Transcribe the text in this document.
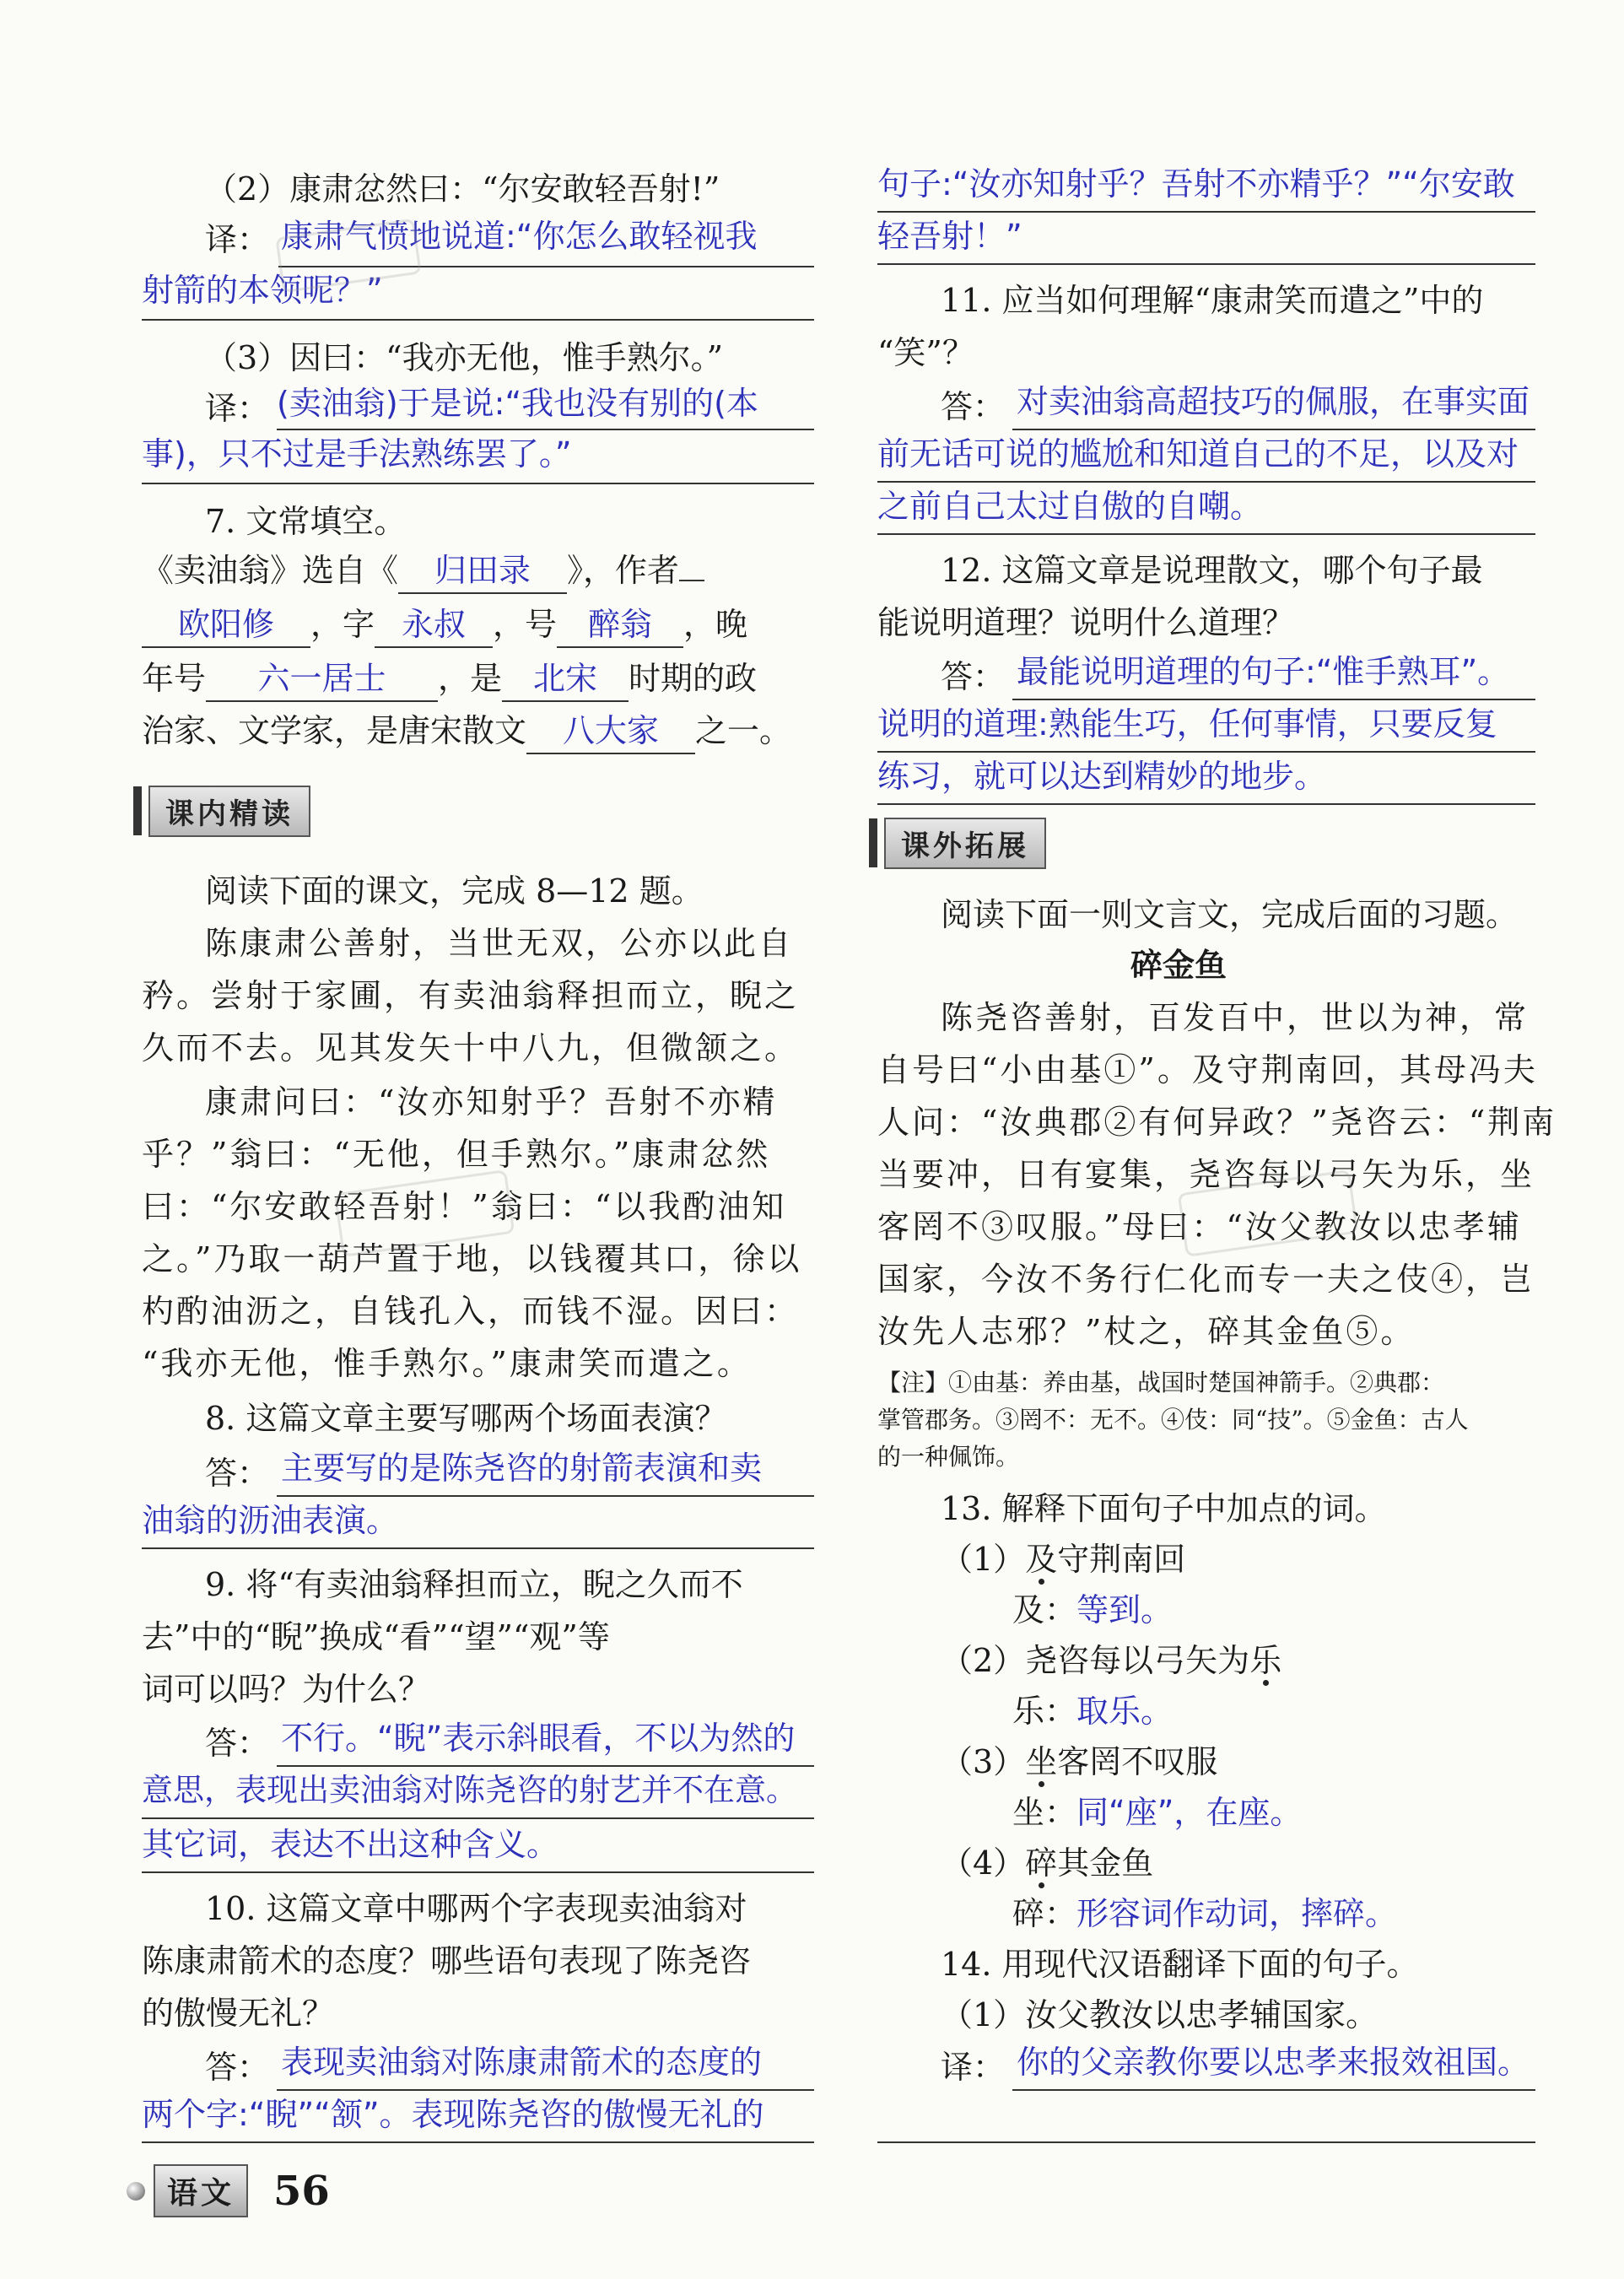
（2）康肃忿然曰：“尔安敢轻吾射!”
译： 康肃气愤地说道:“你怎么敢轻视我
射箭的本领呢？”
（3）因曰：“我亦无他，惟手熟尔。”
译： (卖油翁)于是说:“我也没有别的(本
事)，只不过是手法熟练罢了。”
7. 文常填空。
《卖油翁》选自《 归田录 》，作者
欧阳修 ，字 永叔 ，号 醉翁 ，晚
年号 六一居士 ，是 北宋 时期的政
治家、文学家，是唐宋散文 八大家 之一。
课内精读
阅读下面的课文，完成 8—12 题。
陈康肃公善射，当世无双，公亦以此自
矜。尝射于家圃，有卖油翁释担而立，睨之
久而不去。见其发矢十中八九，但微颔之。
康肃问曰：“汝亦知射乎？吾射不亦精
乎？”翁曰：“无他，但手熟尔。”康肃忿然
曰：“尔安敢轻吾射！”翁曰：“以我酌油知
之。”乃取一葫芦置于地，以钱覆其口，徐以
杓酌油沥之，自钱孔入，而钱不湿。因曰：
“我亦无他，惟手熟尔。”康肃笑而遣之。
8. 这篇文章主要写哪两个场面表演？
答： 主要写的是陈尧咨的射箭表演和卖
油翁的沥油表演。
9. 将“有卖油翁释担而立，睨之久而不
去”中的“睨”换成“看”“望”“观”等
词可以吗？为什么？
答： 不行。“睨”表示斜眼看，不以为然的
意思，表现出卖油翁对陈尧咨的射艺并不在意。
其它词，表达不出这种含义。
10. 这篇文章中哪两个字表现卖油翁对
陈康肃箭术的态度？哪些语句表现了陈尧咨
的傲慢无礼？
答： 表现卖油翁对陈康肃箭术的态度的
两个字:“睨”“颔”。表现陈尧咨的傲慢无礼的
句子:“汝亦知射乎？吾射不亦精乎？”“尔安敢
轻吾射！”
11. 应当如何理解“康肃笑而遣之”中的
“笑”？
答： 对卖油翁高超技巧的佩服，在事实面
前无话可说的尴尬和知道自己的不足，以及对
之前自己太过自傲的自嘲。
12. 这篇文章是说理散文，哪个句子最
能说明道理？说明什么道理？
答： 最能说明道理的句子:“惟手熟耳”。
说明的道理:熟能生巧，任何事情，只要反复
练习，就可以达到精妙的地步。
课外拓展
阅读下面一则文言文，完成后面的习题。
碎金鱼
陈尧咨善射，百发百中，世以为神，常
自号曰“小由基①”。及守荆南回，其母冯夫
人问：“汝典郡②有何异政？”尧咨云：“荆南
当要冲，日有宴集，尧咨每以弓矢为乐，坐
客罔不③叹服。”母曰：“汝父教汝以忠孝辅
国家，今汝不务行仁化而专一夫之伎④，岂
汝先人志邪？”杖之，碎其金鱼⑤。
【注】①由基：养由基，战国时楚国神箭手。②典郡：
掌管郡务。③罔不：无不。④伎：同“技”。⑤金鱼：古人
的一种佩饰。
13. 解释下面句子中加点的词。
（1）及守荆南回
及：等到。
（2）尧咨每以弓矢为乐
乐：取乐。
（3）坐客罔不叹服
坐：同“座”，在座。
（4）碎其金鱼
碎：形容词作动词，摔碎。
14. 用现代汉语翻译下面的句子。
（1）汝父教汝以忠孝辅国家。
译： 你的父亲教你要以忠孝来报效祖国。
语文 56
